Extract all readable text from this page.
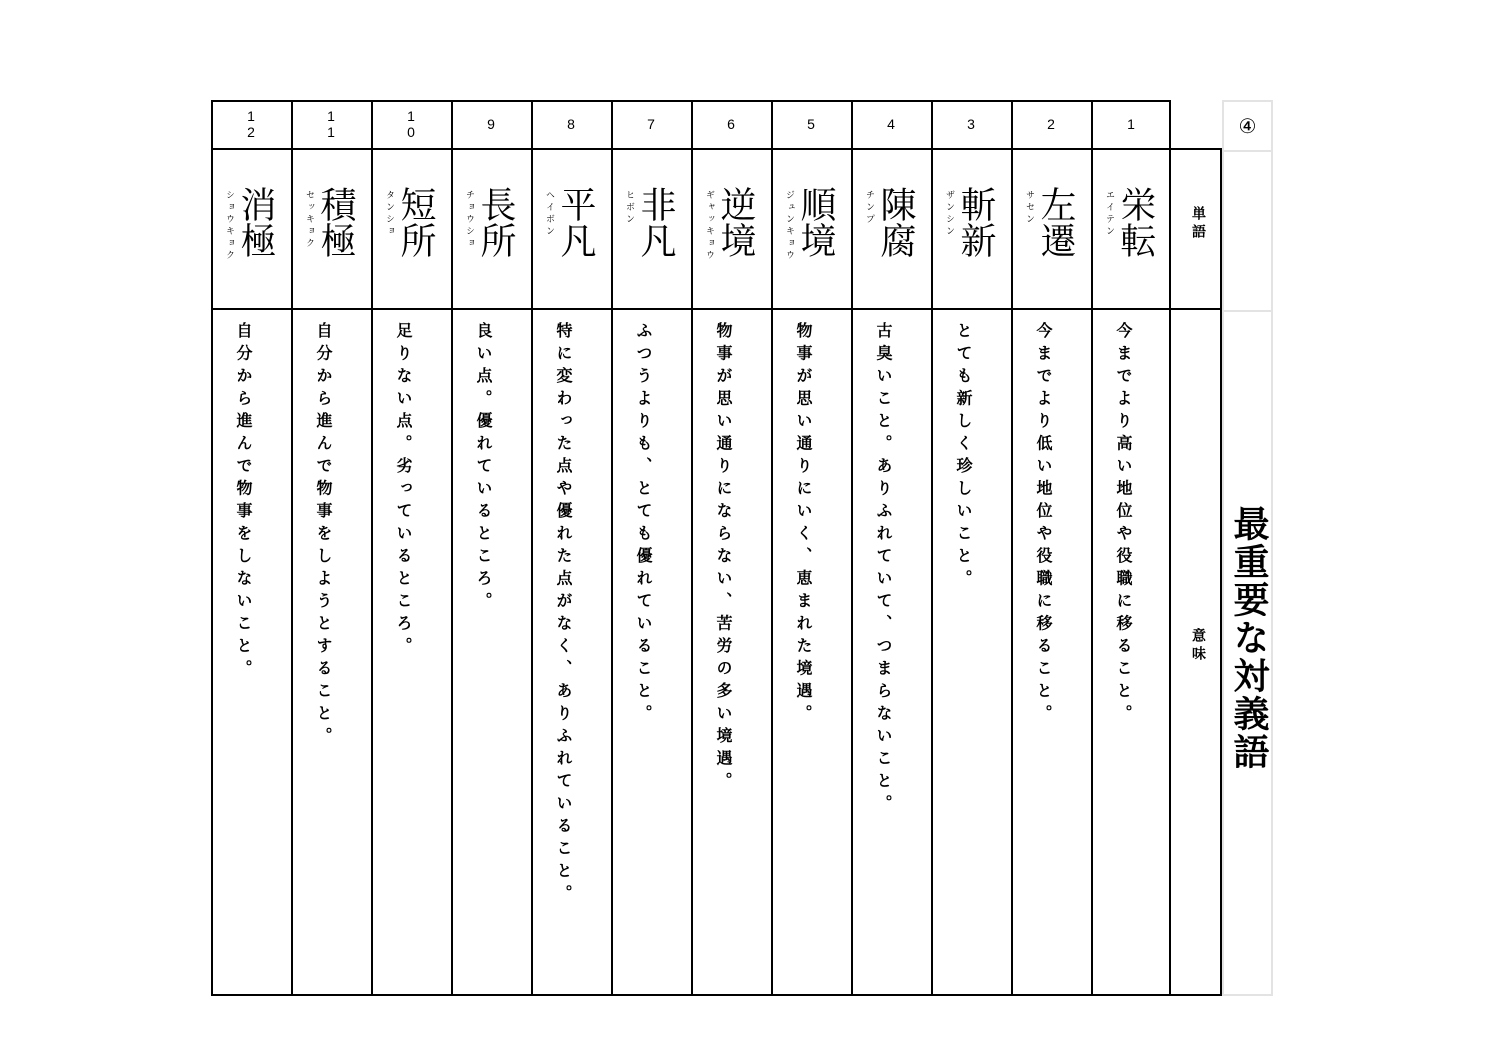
1
栄転
エイテン
今までより高い地位や役職に移ること。
2
左遷
サセン
今までより低い地位や役職に移ること。
3
斬新
ザンシン
とても新しく珍しいこと。
4
陳腐
チンプ
古臭いこと。ありふれていて、つまらないこと。
5
順境
ジュンキョウ
物事が思い通りにいく、恵まれた境遇。
6
逆境
ギャッキョウ
物事が思い通りにならない、苦労の多い境遇。
7
非凡
ヒボン
ふつうよりも、とても優れていること。
8
平凡
ヘイボン
特に変わった点や優れた点がなく、ありふれていること。
9
長所
チョウショ
良い点。優れているところ。
10
短所
タンショ
足りない点。劣っているところ。
11
積極
セッキョク
自分から進んで物事をしようとすること。
12
消極
ショウキョク
自分から進んで物事をしないこと。
単語
意味
④
最重要な対義語
